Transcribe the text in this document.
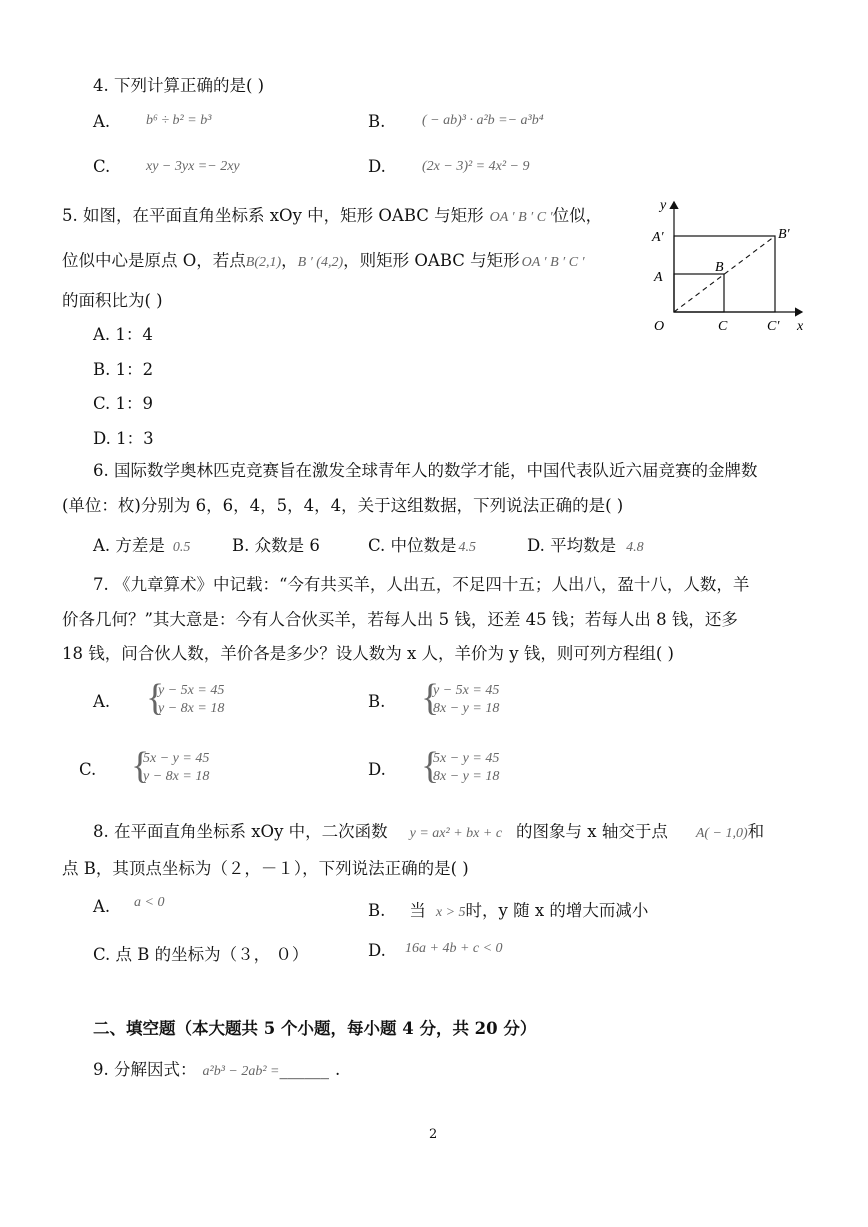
4. 下列计算正确的是( )
A.	b⁶ ÷ b² = b³	B.	( − ab)³ · a²b =− a³b⁴
C.	xy − 3yx =− 2xy	D.	(2x − 3)² = 4x² − 9
5. 如图，在平面直角坐标系 xOy 中，矩形 OABC 与矩形 OA ′ B ′ C ′位似，
位似中心是原点 O，若点B(2,1)，B ′ (4,2)，则矩形 OABC 与矩形 OA ′ B ′ C ′
的面积比为( )
A. 1：4
B. 1：2
C. 1：9
D. 1：3
y
x
O
A′
A
B
B′
C	C′
6. 国际数学奥林匹克竞赛旨在激发全球青年人的数学才能，中国代表队近六届竞赛的金牌数
(单位：枚)分别为 6，6，4，5，4，4，关于这组数据，下列说法正确的是( )
A. 方差是 0.5	B. 众数是 6	C. 中位数是 4.5	D. 平均数是 4.8
7. 《九章算术》中记载：“今有共买羊，人出五，不足四十五；人出八，盈十八，人数，羊
价各几何？”其大意是：今有人合伙买羊，若每人出 5 钱，还差 45 钱；若每人出 8 钱，还多
18 钱，问合伙人数，羊价各是多少？设人数为 x 人，羊价为 y 钱，则可列方程组( )
A. {
y − 5x = 45
y − 8x = 18	B. {
y − 5x = 45
8x − y = 18
C. {
5x − y = 45
y − 8x = 18	D. {
5x − y = 45
8x − y = 18
8. 在平面直角坐标系 xOy 中，二次函数 y = ax² + bx + c 的图象与 x 轴交于点 A( − 1,0)和
点 B，其顶点坐标为（２，－１），下列说法正确的是( )
A. a < 0	B. 当 x > 5时，y 随 x 的增大而减小
C. 点 B 的坐标为（３， ０）	D. 16a + 4b + c < 0
二、填空题（本大题共 5 个小题，每小题 4 分，共 20 分）
9. 分解因式： a²b³ − 2ab² =______ .
2
